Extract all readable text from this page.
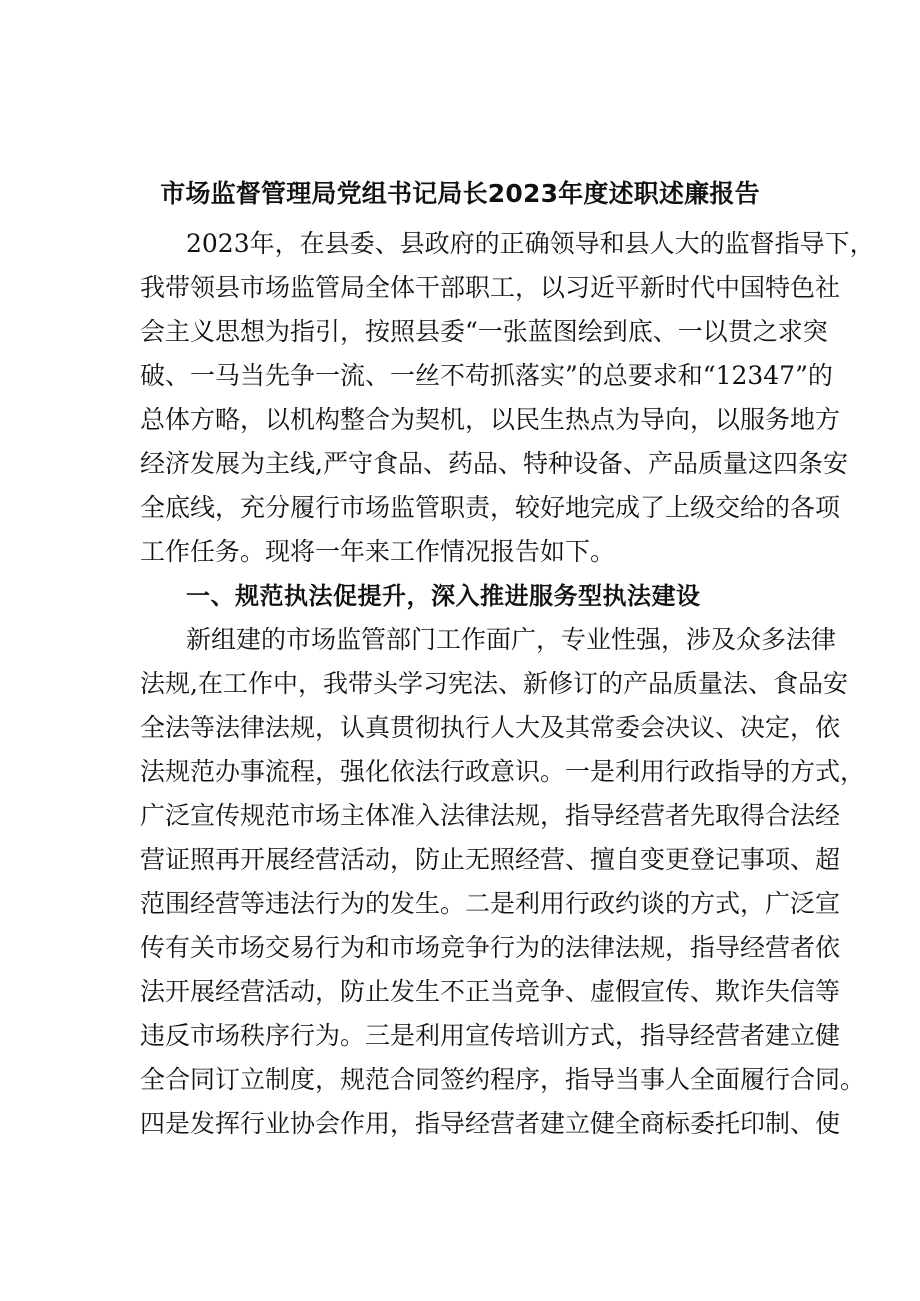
市场监督管理局党组书记局长2023年度述职述廉报告
2023年，在县委、县政府的正确领导和县人大的监督指导下，
我带领县市场监管局全体干部职工，以习近平新时代中国特色社
会主义思想为指引，按照县委“一张蓝图绘到底、一以贯之求突
破、一马当先争一流、一丝不苟抓落实”的总要求和“12347”的
总体方略，以机构整合为契机，以民生热点为导向，以服务地方
经济发展为主线,严守食品、药品、特种设备、产品质量这四条安
全底线，充分履行市场监管职责，较好地完成了上级交给的各项
工作任务。现将一年来工作情况报告如下。
一、规范执法促提升，深入推进服务型执法建设
新组建的市场监管部门工作面广，专业性强，涉及众多法律
法规,在工作中，我带头学习宪法、新修订的产品质量法、食品安
全法等法律法规，认真贯彻执行人大及其常委会决议、决定，依
法规范办事流程，强化依法行政意识。一是利用行政指导的方式，
广泛宣传规范市场主体准入法律法规，指导经营者先取得合法经
营证照再开展经营活动，防止无照经营、擅自变更登记事项、超
范围经营等违法行为的发生。二是利用行政约谈的方式，广泛宣
传有关市场交易行为和市场竞争行为的法律法规，指导经营者依
法开展经营活动，防止发生不正当竞争、虚假宣传、欺诈失信等
违反市场秩序行为。三是利用宣传培训方式，指导经营者建立健
全合同订立制度，规范合同签约程序，指导当事人全面履行合同。
四是发挥行业协会作用，指导经营者建立健全商标委托印制、使
